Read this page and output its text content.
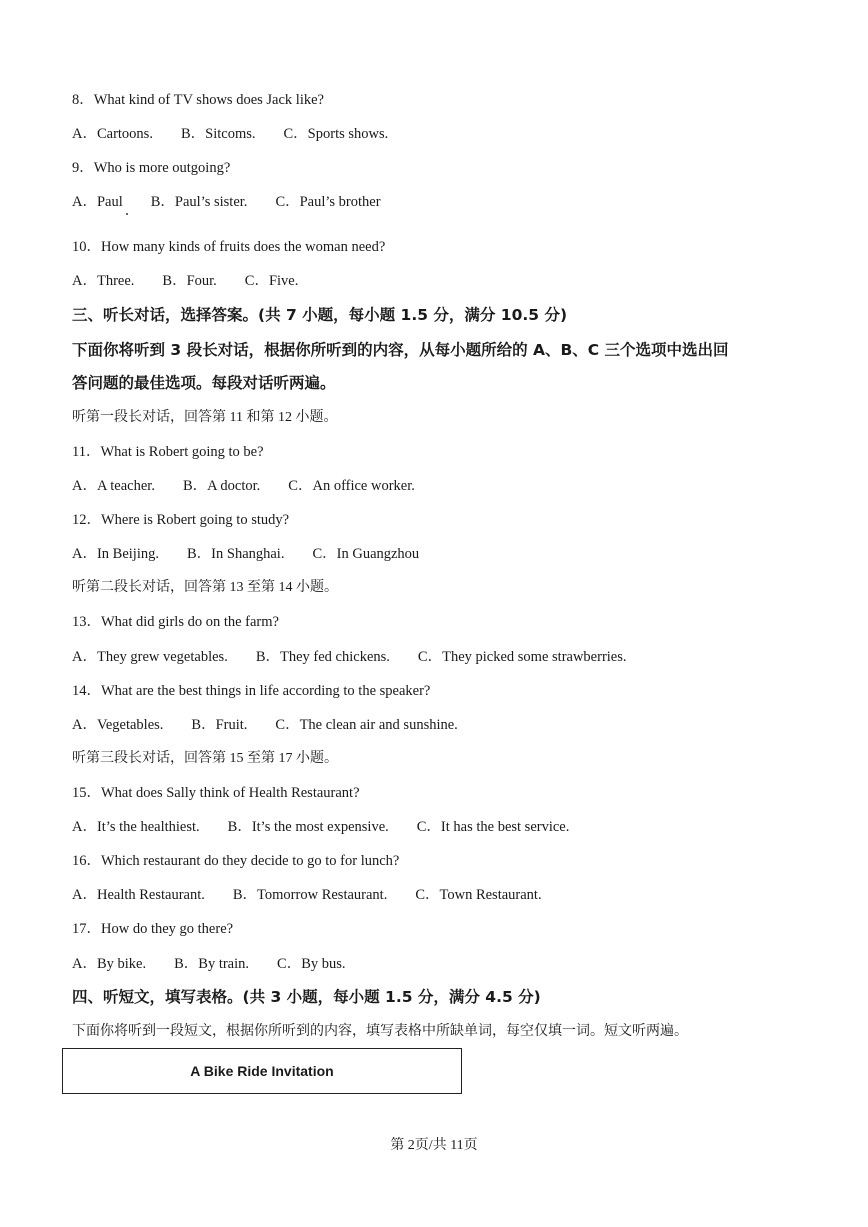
8．What kind of TV shows does Jack like?
A．Cartoons. B．Sitcoms. C．Sports shows.
9．Who is more outgoing?
A．Paul B．Paul’s sister. C．Paul’s brother
10．How many kinds of fruits does the woman need?
A．Three. B．Four. C．Five.
三、听长对话，选择答案。(共 7 小题，每小题 1.5 分，满分 10.5 分)
下面你将听到 3 段长对话，根据你所听到的内容，从每小题所给的 A、B、C 三个选项中选出回
答问题的最佳选项。每段对话听两遍。
听第一段长对话，回答第 11 和第 12 小题。
11．What is Robert going to be?
A．A teacher. B．A doctor. C．An office worker.
12．Where is Robert going to study?
A．In Beijing. B．In Shanghai. C．In Guangzhou
听第二段长对话，回答第 13 至第 14 小题。
13．What did girls do on the farm?
A．They grew vegetables. B．They fed chickens. C．They picked some strawberries.
14．What are the best things in life according to the speaker?
A．Vegetables. B．Fruit. C．The clean air and sunshine.
听第三段长对话，回答第 15 至第 17 小题。
15．What does Sally think of Health Restaurant?
A．It’s the healthiest. B．It’s the most expensive. C．It has the best service.
16．Which restaurant do they decide to go to for lunch?
A．Health Restaurant. B．Tomorrow Restaurant. C．Town Restaurant.
17．How do they go there?
A．By bike. B．By train. C．By bus.
四、听短文，填写表格。(共 3 小题，每小题 1.5 分，满分 4.5 分)
下面你将听到一段短文，根据你所听到的内容，填写表格中所缺单词，每空仅填一词。短文听两遍。
A Bike Ride Invitation
第 2页/共 11页
